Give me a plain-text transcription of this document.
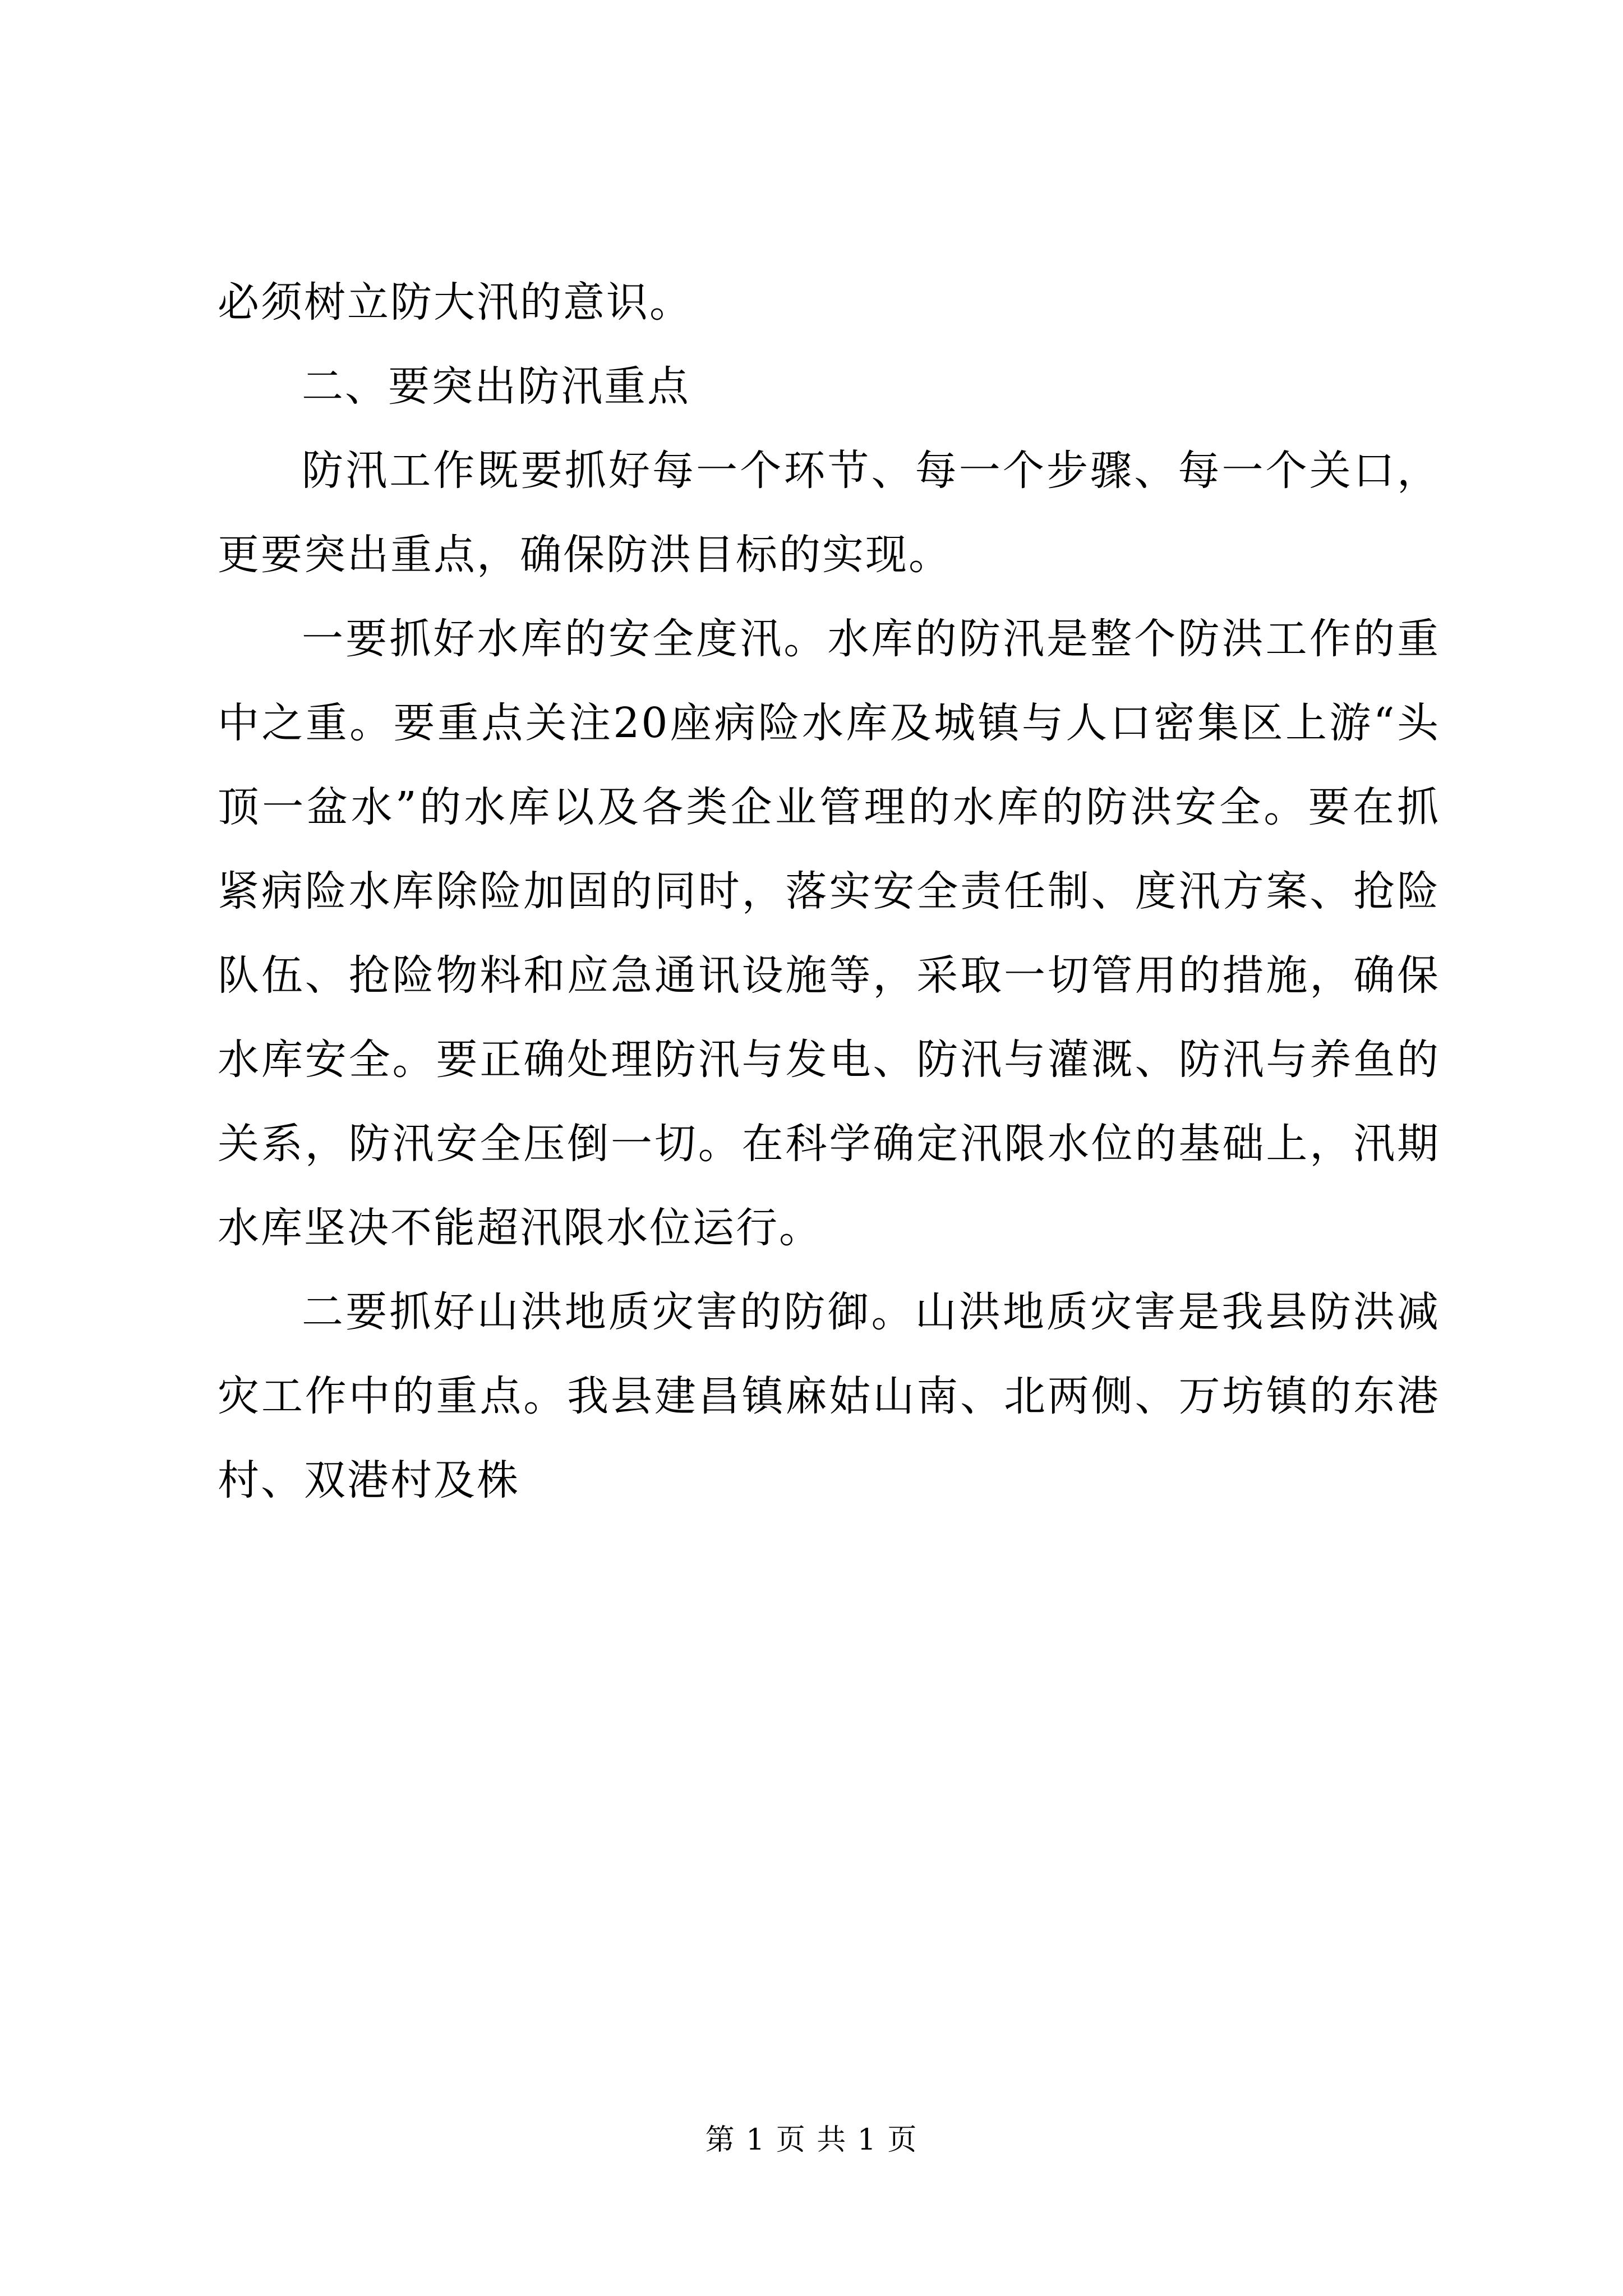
必须树立防大汛的意识。

二、要突出防汛重点

防汛工作既要抓好每一个环节、每一个步骤、每一个关口，更要突出重点，确保防洪目标的实现。

一要抓好水库的安全度汛。水库的防汛是整个防洪工作的重中之重。要重点关注20座病险水库及城镇与人口密集区上游“头顶一盆水”的水库以及各类企业管理的水库的防洪安全。要在抓紧病险水库除险加固的同时，落实安全责任制、度汛方案、抢险队伍、抢险物料和应急通讯设施等，采取一切管用的措施，确保水库安全。要正确处理防汛与发电、防汛与灌溉、防汛与养鱼的关系，防汛安全压倒一切。在科学确定汛限水位的基础上，汛期水库坚决不能超汛限水位运行。

二要抓好山洪地质灾害的防御。山洪地质灾害是我县防洪减灾工作中的重点。我县建昌镇麻姑山南、北两侧、万坊镇的东港村、双港村及株

第 1 页 共 1 页
